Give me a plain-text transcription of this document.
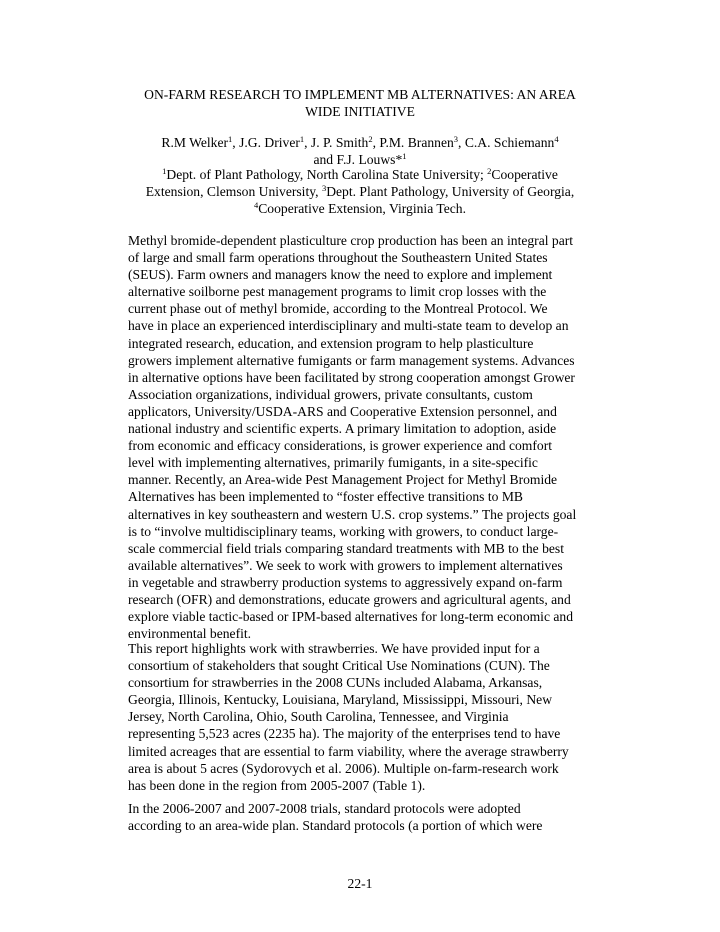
ON-FARM RESEARCH TO IMPLEMENT MB ALTERNATIVES: AN AREA
WIDE INITIATIVE
R.M Welker$^1$, J.G. Driver$^1$, J. P. Smith$^2$, P.M. Brannen$^3$, C.A. Schiemann$^4$
and F.J. Louws*$^1$
$^1$Dept. of Plant Pathology, North Carolina State University; $^2$Cooperative
Extension, Clemson University, $^3$Dept. Plant Pathology, University of Georgia,
$^4$Cooperative Extension, Virginia Tech.
Methyl bromide-dependent plasticulture crop production has been an integral part
of large and small farm operations throughout the Southeastern United States
(SEUS). Farm owners and managers know the need to explore and implement
alternative soilborne pest management programs to limit crop losses with the
current phase out of methyl bromide, according to the Montreal Protocol. We
have in place an experienced interdisciplinary and multi-state team to develop an
integrated research, education, and extension program to help plasticulture
growers implement alternative fumigants or farm management systems. Advances
in alternative options have been facilitated by strong cooperation amongst Grower
Association organizations, individual growers, private consultants, custom
applicators, University/USDA-ARS and Cooperative Extension personnel, and
national industry and scientific experts. A primary limitation to adoption, aside
from economic and efficacy considerations, is grower experience and comfort
level with implementing alternatives, primarily fumigants, in a site-specific
manner. Recently, an Area-wide Pest Management Project for Methyl Bromide
Alternatives has been implemented to “foster effective transitions to MB
alternatives in key southeastern and western U.S. crop systems.” The projects goal
is to “involve multidisciplinary teams, working with growers, to conduct large-
scale commercial field trials comparing standard treatments with MB to the best
available alternatives”. We seek to work with growers to implement alternatives
in vegetable and strawberry production systems to aggressively expand on-farm
research (OFR) and demonstrations, educate growers and agricultural agents, and
explore viable tactic-based or IPM-based alternatives for long-term economic and
environmental benefit.
This report highlights work with strawberries. We have provided input for a
consortium of stakeholders that sought Critical Use Nominations (CUN). The
consortium for strawberries in the 2008 CUNs included Alabama, Arkansas,
Georgia, Illinois, Kentucky, Louisiana, Maryland, Mississippi, Missouri, New
Jersey, North Carolina, Ohio, South Carolina, Tennessee, and Virginia
representing 5,523 acres (2235 ha). The majority of the enterprises tend to have
limited acreages that are essential to farm viability, where the average strawberry
area is about 5 acres (Sydorovych et al. 2006). Multiple on-farm-research work
has been done in the region from 2005-2007 (Table 1).
In the 2006-2007 and 2007-2008 trials, standard protocols were adopted
according to an area-wide plan. Standard protocols (a portion of which were
22-1
